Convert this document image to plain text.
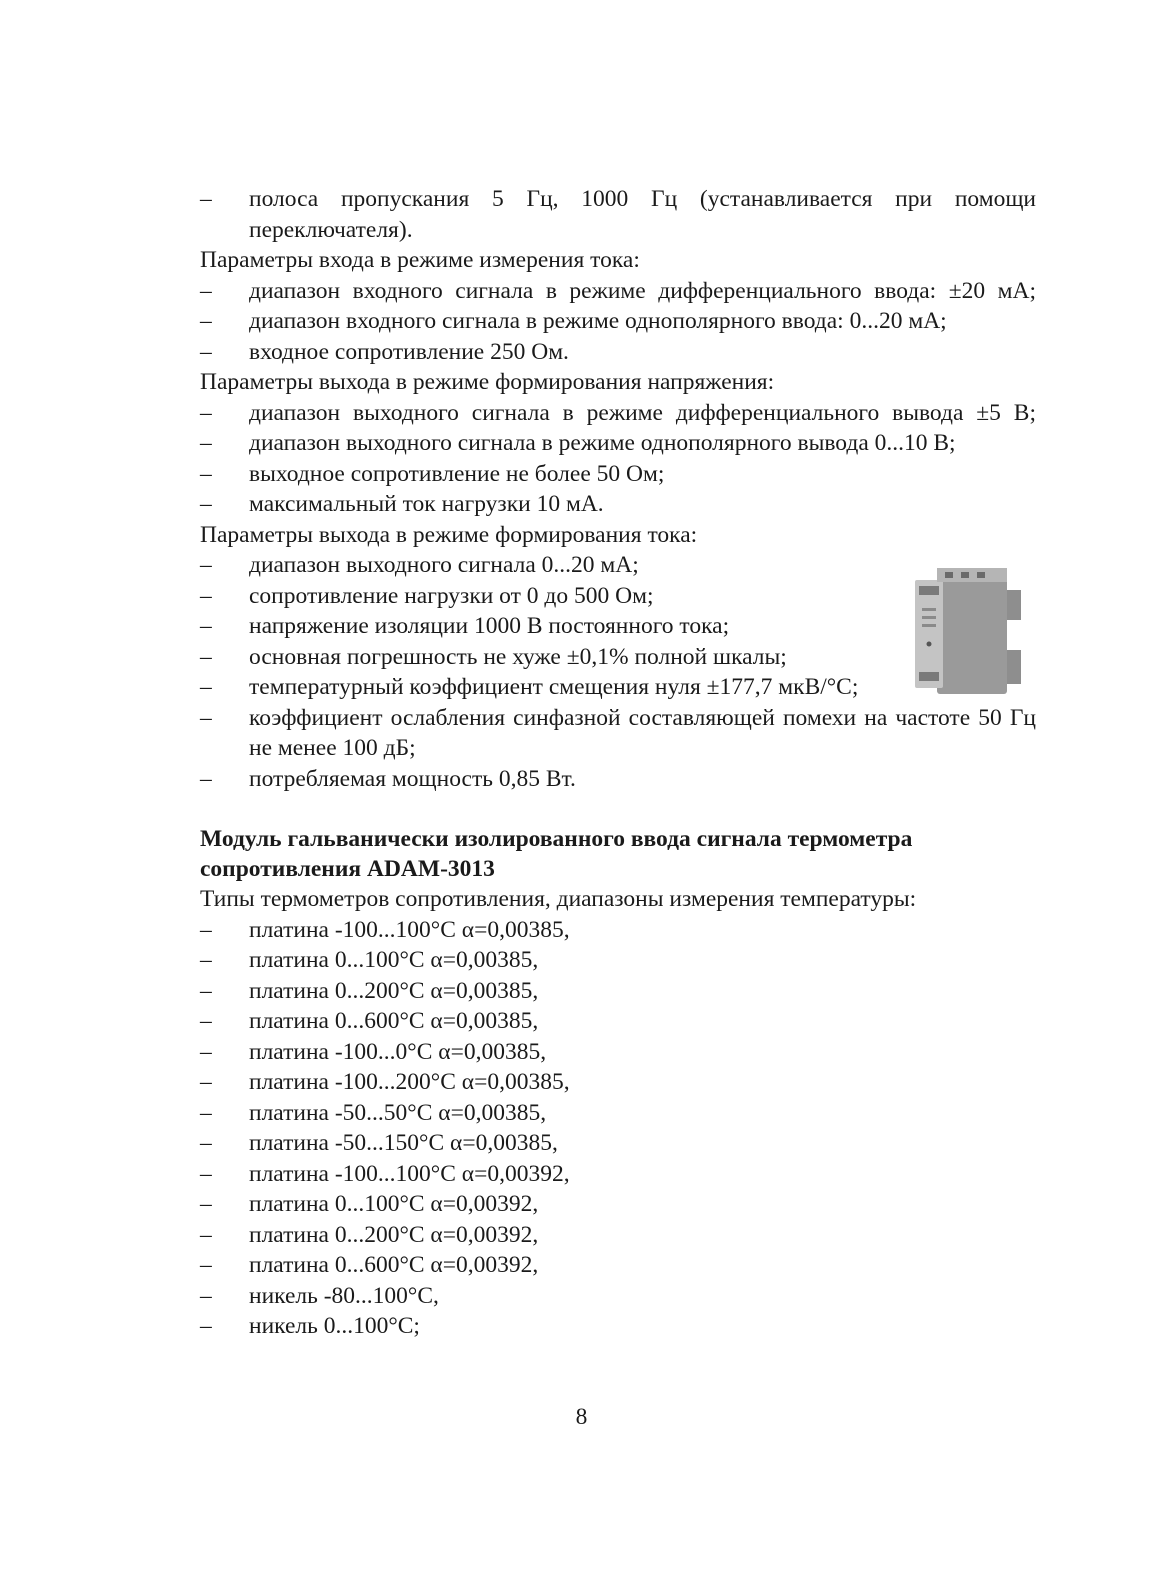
– полоса пропускания 5 Гц, 1000 Гц (устанавливается при помощи переключателя).

Параметры входа в режиме измерения тока:

– диапазон входного сигнала в режиме дифференциального ввода: ±20 мА;
– диапазон входного сигнала в режиме однополярного ввода: 0...20 мА;
– входное сопротивление 250 Ом.

Параметры выхода в режиме формирования напряжения:

– диапазон выходного сигнала в режиме дифференциального вывода ±5 В;
– диапазон выходного сигнала в режиме однополярного вывода 0...10 В;
– выходное сопротивление не более 50 Ом;
– максимальный ток нагрузки 10 мА.

Параметры выхода в режиме формирования тока:

– диапазон выходного сигнала 0...20 мА;
– сопротивление нагрузки от 0 до 500 Ом;
– напряжение изоляции 1000 В постоянного тока;
– основная погрешность не хуже ±0,1% полной шкалы;
– температурный коэффициент смещения нуля ±177,7 мкВ/°С;
– коэффициент ослабления синфазной составляющей помехи на частоте 50 Гц не менее 100 дБ;
– потребляемая мощность 0,85 Вт.

Модуль гальванически изолированного ввода сигнала термометра сопротивления ADAM-3013

Типы термометров сопротивления, диапазоны измерения температуры:

– платина -100...100°С α=0,00385,
– платина 0...100°С α=0,00385,
– платина 0...200°С α=0,00385,
– платина 0...600°С α=0,00385,
– платина -100...0°С α=0,00385,
– платина -100...200°С α=0,00385,
– платина -50...50°С α=0,00385,
– платина -50...150°С α=0,00385,
– платина -100...100°С α=0,00392,
– платина 0...100°С α=0,00392,
– платина 0...200°С α=0,00392,
– платина 0...600°С α=0,00392,
– никель -80...100°С,
– никель 0...100°С;
8
